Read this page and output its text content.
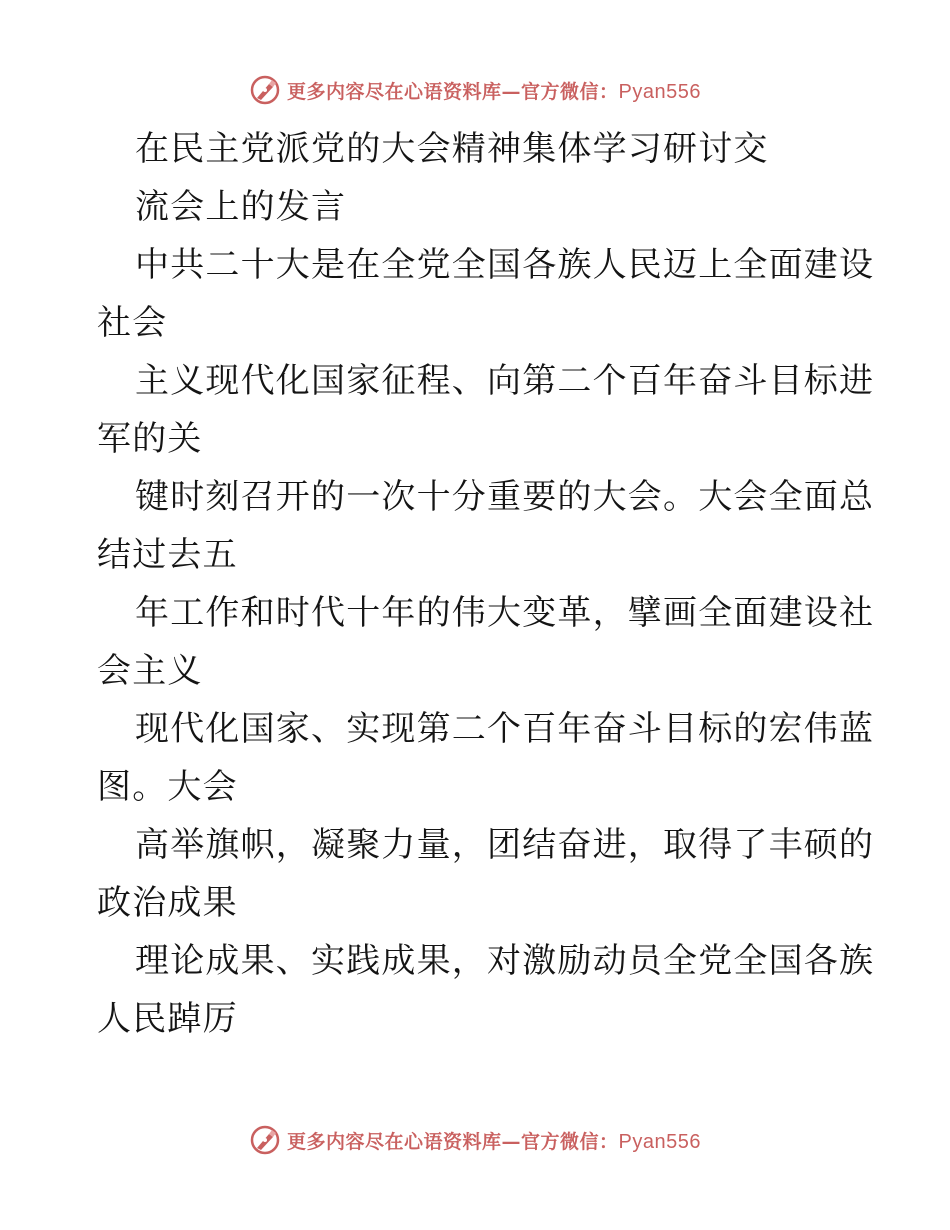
更多内容尽在心语资料库—官方微信：Pyan556
在民主党派党的大会精神集体学习研讨交
流会上的发言
中共二十大是在全党全国各族人民迈上全面建设
社会
主义现代化国家征程、向第二个百年奋斗目标进
军的关
键时刻召开的一次十分重要的大会。大会全面总
结过去五
年工作和时代十年的伟大变革，擘画全面建设社
会主义
现代化国家、实现第二个百年奋斗目标的宏伟蓝
图。大会
高举旗帜，凝聚力量，团结奋进，取得了丰硕的
政治成果
理论成果、实践成果，对激励动员全党全国各族
人民踔厉
更多内容尽在心语资料库—官方微信：Pyan556
